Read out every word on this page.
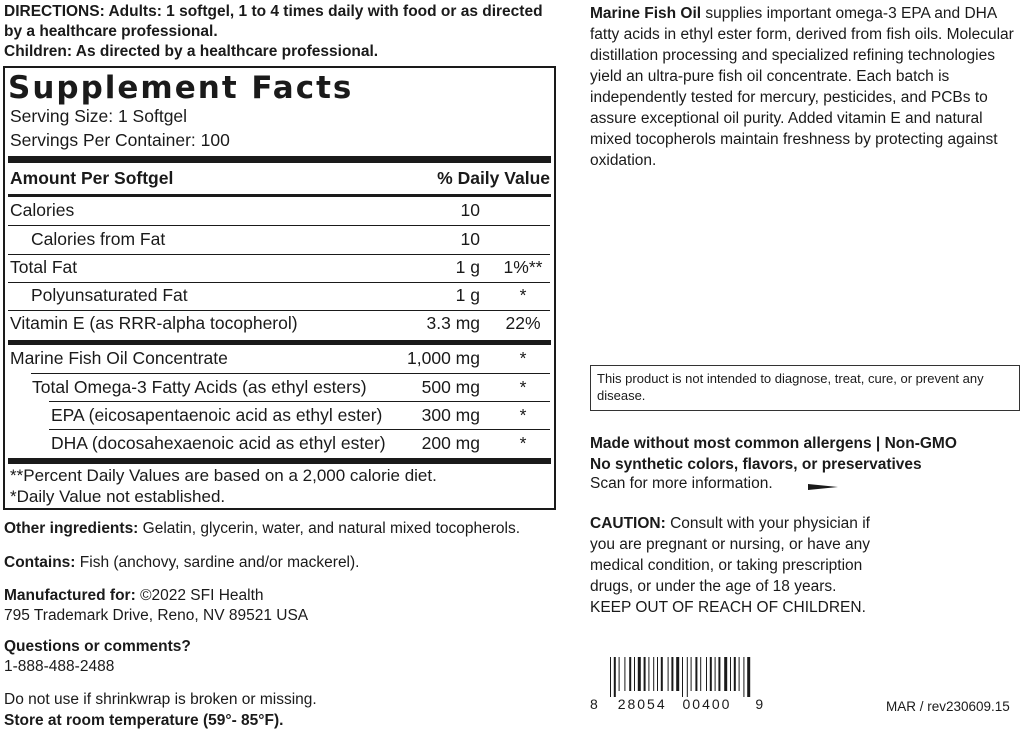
DIRECTIONS: Adults: 1 softgel, 1 to 4 times daily with food or as directed by a healthcare professional.
Children: As directed by a healthcare professional.
Supplement Facts
Serving Size: 1 Softgel
Servings Per Container: 100
Amount Per Softgel	% Daily Value
Calories	10
Calories from Fat	10
Total Fat	1 g	1%**
Polyunsaturated Fat	1 g	*
Vitamin E (as RRR-alpha tocopherol)	3.3 mg	22%
Marine Fish Oil Concentrate	1,000 mg	*
Total Omega-3 Fatty Acids (as ethyl esters)	500 mg	*
EPA (eicosapentaenoic acid as ethyl ester) 300 mg	*
DHA (docosahexaenoic acid as ethyl ester) 200 mg	*
**Percent Daily Values are based on a 2,000 calorie diet.
*Daily Value not established.
Other ingredients: Gelatin, glycerin, water, and natural mixed tocopherols.
Contains: Fish (anchovy, sardine and/or mackerel).
Manufactured for: ©2022 SFI Health
795 Trademark Drive, Reno, NV 89521 USA
Questions or comments?
1-888-488-2488
Do not use if shrinkwrap is broken or missing.
Store at room temperature (59°- 85°F).
Marine Fish Oil supplies important omega-3 EPA and DHA fatty acids in ethyl ester form, derived from fish oils. Molecular distillation processing and specialized refining technologies yield an ultra-pure fish oil concentrate. Each batch is independently tested for mercury, pesticides, and PCBs to assure exceptional oil purity. Added vitamin E and natural mixed tocopherols maintain freshness by protecting against oxidation.
This product is not intended to diagnose, treat, cure, or prevent any disease.
Made without most common allergens | Non-GMO
No synthetic colors, flavors, or preservatives
Scan for more information.
CAUTION: Consult with your physician if you are pregnant or nursing, or have any medical condition, or taking prescription drugs, or under the age of 18 years.
KEEP OUT OF REACH OF CHILDREN.
8 28054 00400 9	MAR / rev230609.15
